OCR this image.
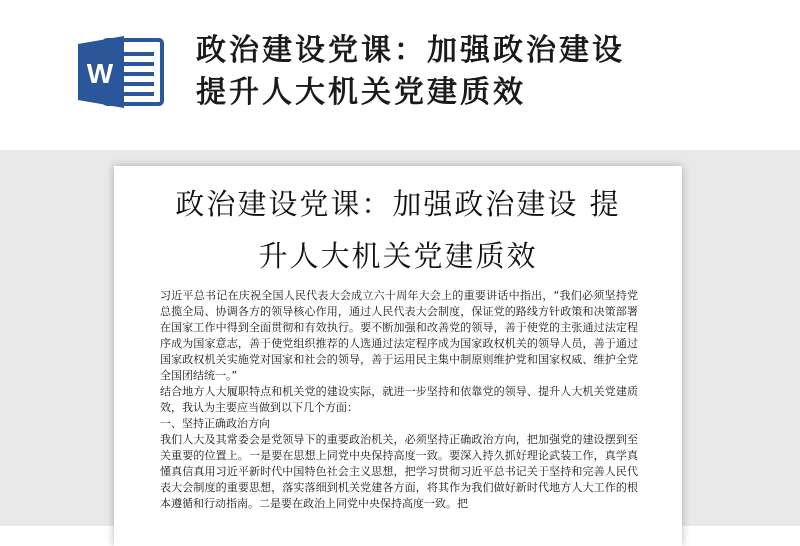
W
政治建设党课：加强政治建设
提升人大机关党建质效
政治建设党课：加强政治建设 提
升人大机关党建质效

习近平总书记在庆祝全国人民代表大会成立六十周年大会上的重要讲话中指出，“我们必须坚持党总揽全局、协调各方的领导核心作用，通过人民代表大会制度，保证党的路线方针政策和决策部署在国家工作中得到全面贯彻和有效执行。要不断加强和改善党的领导，善于使党的主张通过法定程序成为国家意志，善于使党组织推荐的人选通过法定程序成为国家政权机关的领导人员，善于通过国家政权机关实施党对国家和社会的领导，善于运用民主集中制原则维护党和国家权威、维护全党全国团结统一。”

结合地方人大履职特点和机关党的建设实际，就进一步坚持和依靠党的领导、提升人大机关党建质效，我认为主要应当做到以下几个方面：

一、坚持正确政治方向

我们人大及其常委会是党领导下的重要政治机关，必须坚持正确政治方向，把加强党的建设摆到至关重要的位置上。一是要在思想上同党中央保持高度一致。要深入持久抓好理论武装工作，真学真懂真信真用习近平新时代中国特色社会主义思想，把学习贯彻习近平总书记关于坚持和完善人民代表大会制度的重要思想，落实落细到机关党建各方面，将其作为我们做好新时代地方人大工作的根本遵循和行动指南。二是要在政治上同党中央保持高度一致。把
